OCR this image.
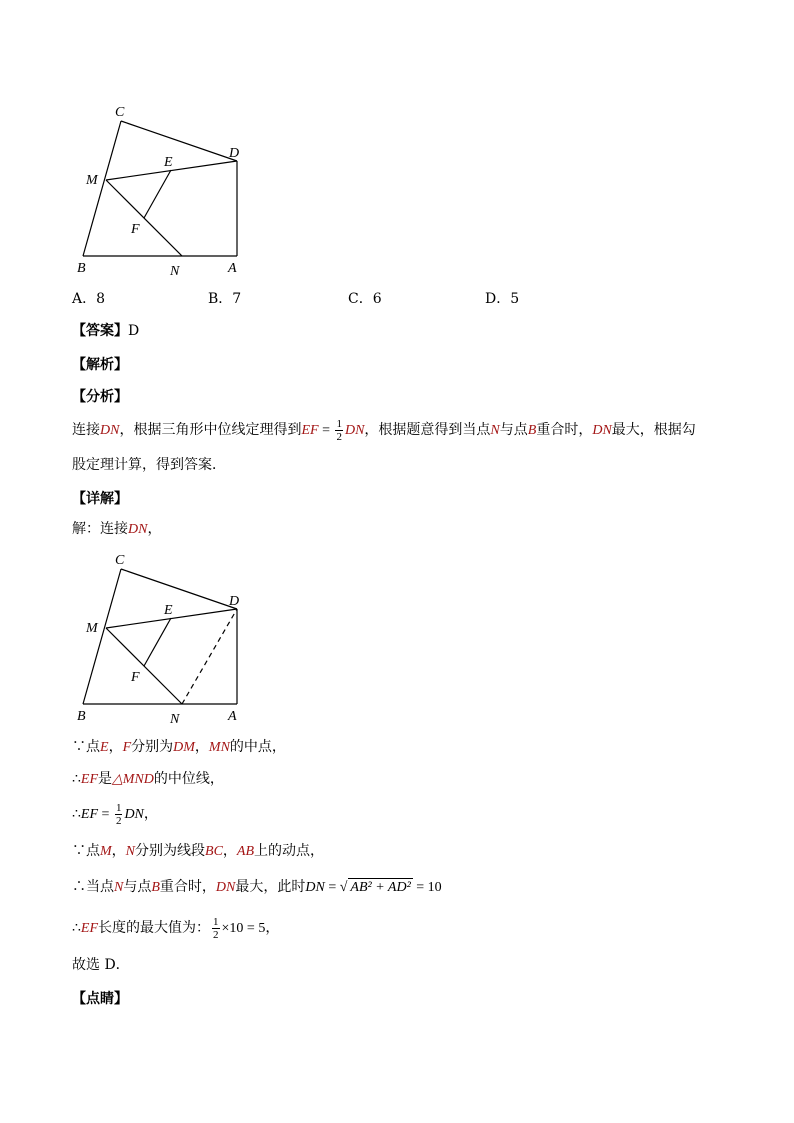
C
D
E
M
F
B	N	A
A．8	B．7	C．6	D．5
【答案】D
【解析】
【分析】
连接DN，根据三角形中位线定理得到EF = $\frac{1}{2}$ DN，根据题意得到当点N与点B重合时，DN最大，根据勾
股定理计算，得到答案．
【详解】
解：连接DN，
C
D
E
M
F
B	N	A
∵点E，F分别为DM，MN的中点，
∴EF是△MND的中位线，
∴EF = $\frac{1}{2}$ DN，
∵点M，N分别为线段BC，AB上的动点，
∴当点N与点B重合时，DN最大，此时DN = √ AB² + AD² = 10
∴EF长度的最大值为： $\frac{1}{2} \times 10 = 5$，
故选 D．
【点睛】
